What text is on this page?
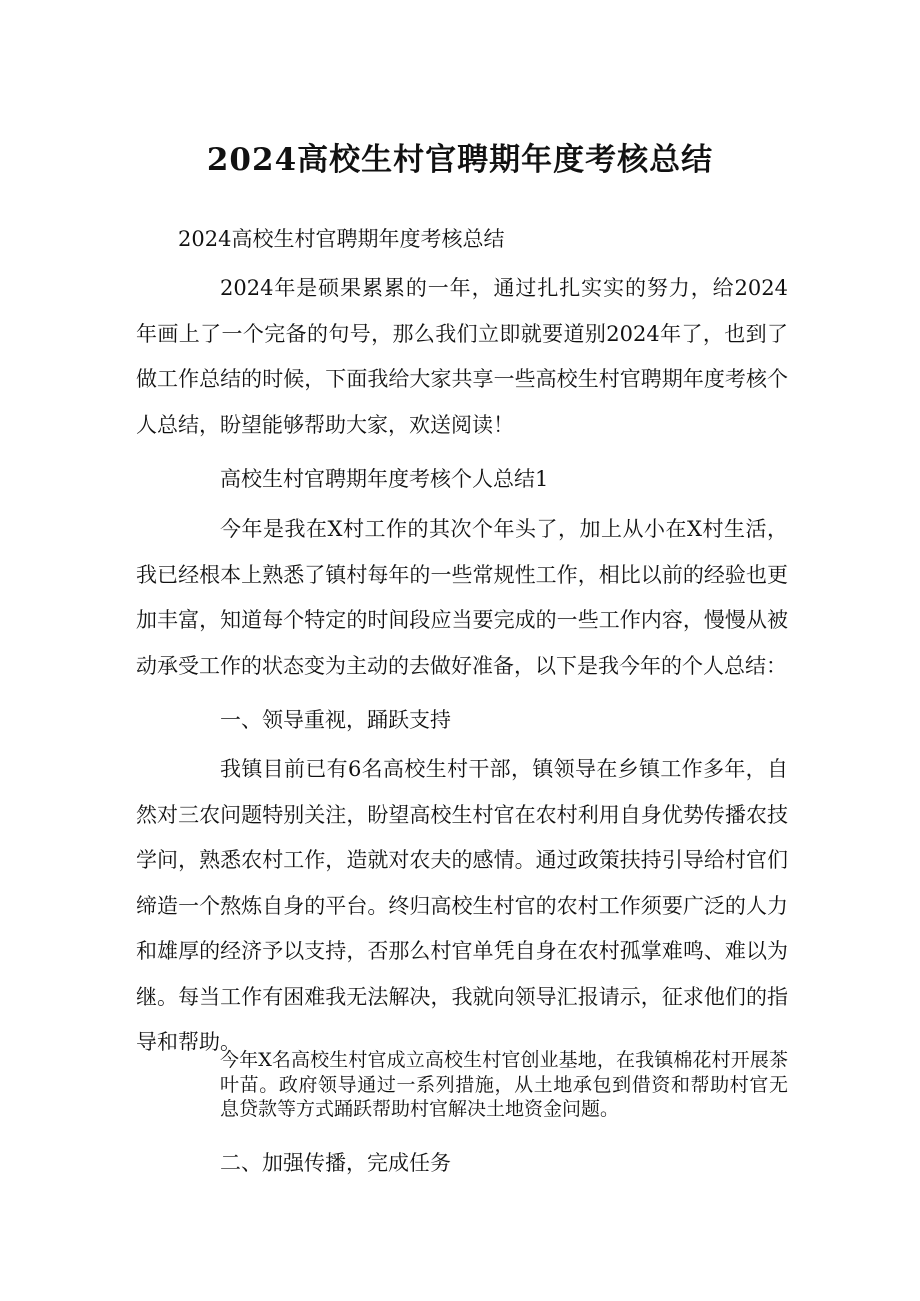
2024高校生村官聘期年度考核总结

2024高校生村官聘期年度考核总结

2024年是硕果累累的一年，通过扎扎实实的努力，给2024年画上了一个完备的句号，那么我们立即就要道别2024年了，也到了做工作总结的时候，下面我给大家共享一些高校生村官聘期年度考核个人总结，盼望能够帮助大家，欢送阅读！

高校生村官聘期年度考核个人总结1

今年是我在X村工作的其次个年头了，加上从小在X村生活，我已经根本上熟悉了镇村每年的一些常规性工作，相比以前的经验也更加丰富，知道每个特定的时间段应当要完成的一些工作内容，慢慢从被动承受工作的状态变为主动的去做好准备，以下是我今年的个人总结：

一、领导重视，踊跃支持

我镇目前已有6名高校生村干部，镇领导在乡镇工作多年，自然对三农问题特别关注，盼望高校生村官在农村利用自身优势传播农技学问，熟悉农村工作，造就对农夫的感情。通过政策扶持引导给村官们缔造一个熬炼自身的平台。终归高校生村官的农村工作须要广泛的人力和雄厚的经济予以支持，否那么村官单凭自身在农村孤掌难鸣、难以为继。每当工作有困难我无法解决，我就向领导汇报请示，征求他们的指导和帮助。

今年X名高校生村官成立高校生村官创业基地，在我镇棉花村开展茶叶苗。政府领导通过一系列措施，从土地承包到借资和帮助村官无息贷款等方式踊跃帮助村官解决土地资金问题。

二、加强传播，完成任务
